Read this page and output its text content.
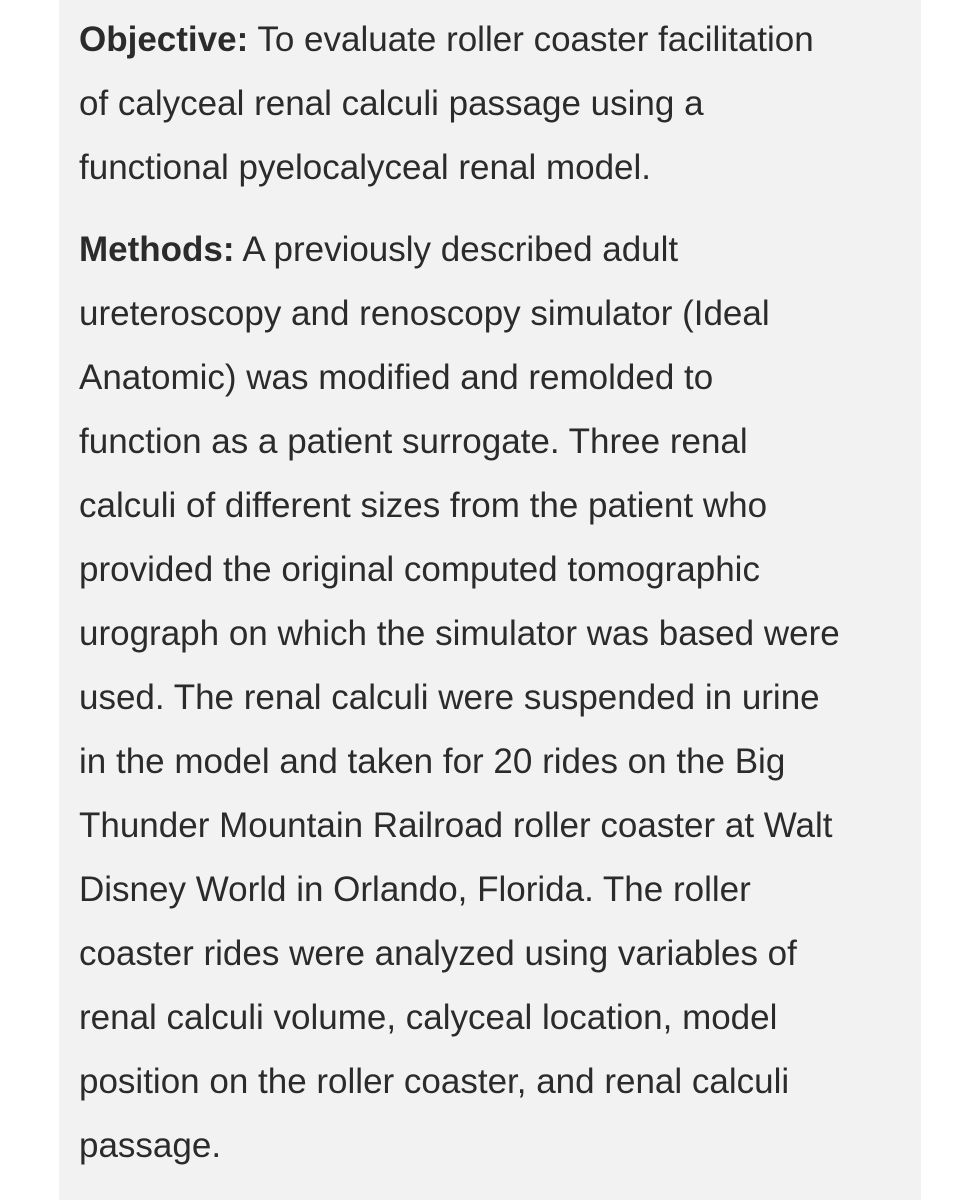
Objective: To evaluate roller coaster facilitation
of calyceal renal calculi passage using a
functional pyelocalyceal renal model.

Methods: A previously described adult
ureteroscopy and renoscopy simulator (Ideal
Anatomic) was modified and remolded to
function as a patient surrogate. Three renal
calculi of different sizes from the patient who
provided the original computed tomographic
urograph on which the simulator was based were
used. The renal calculi were suspended in urine
in the model and taken for 20 rides on the Big
Thunder Mountain Railroad roller coaster at Walt
Disney World in Orlando, Florida. The roller
coaster rides were analyzed using variables of
renal calculi volume, calyceal location, model
position on the roller coaster, and renal calculi
passage.
